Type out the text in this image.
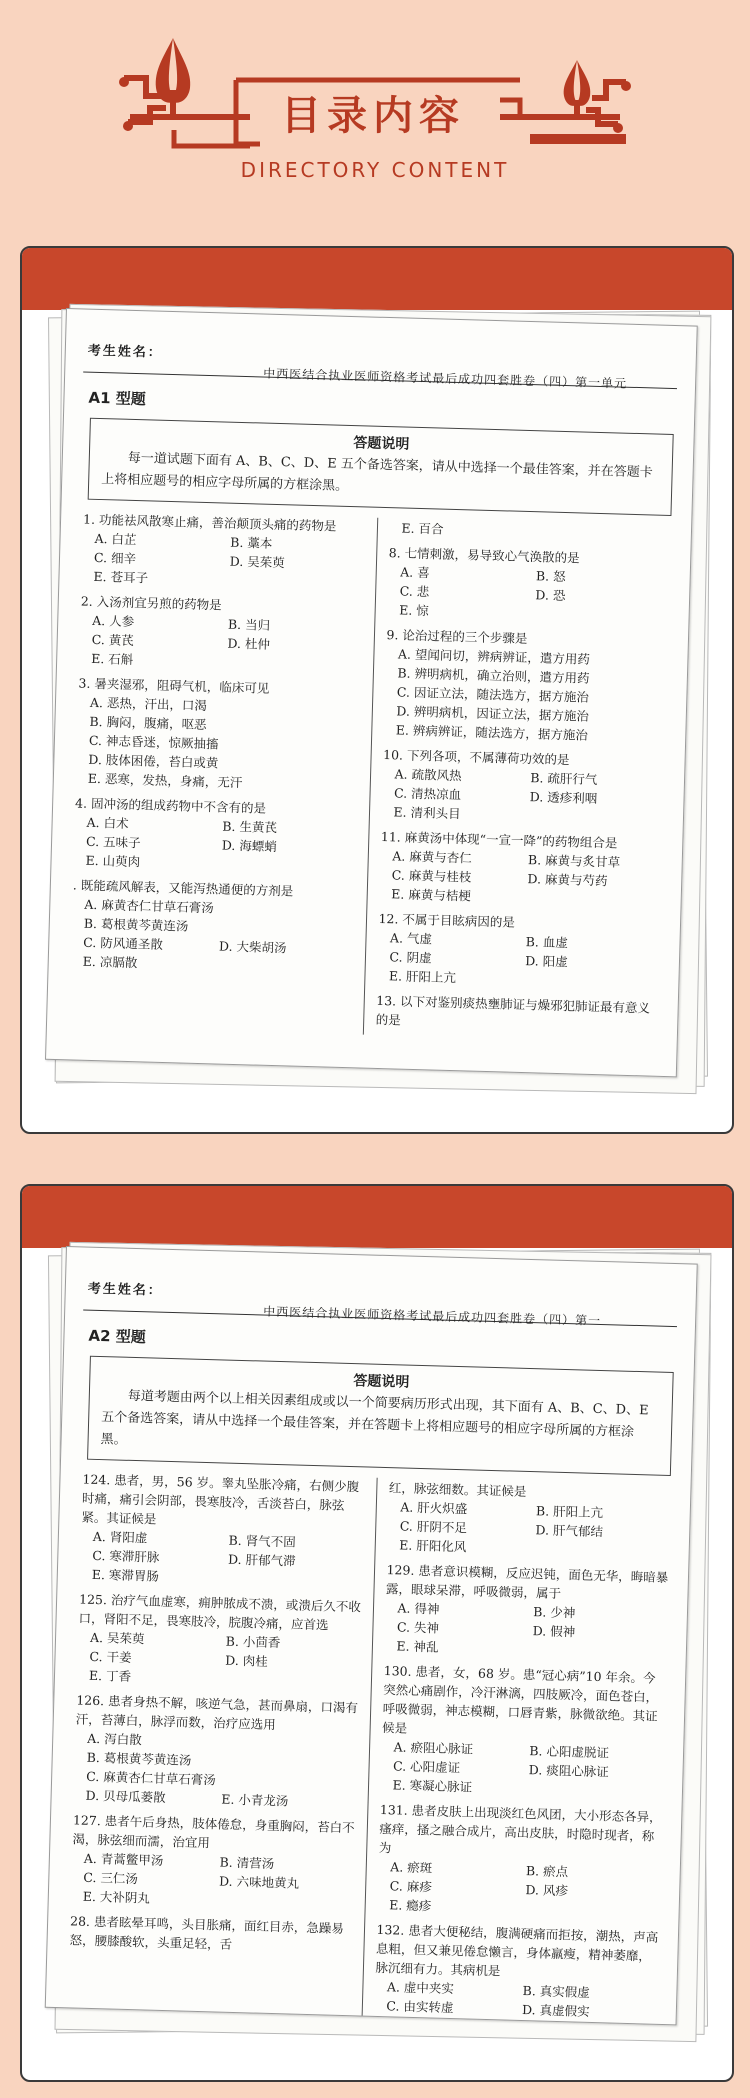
目录内容
DIRECTORY CONTENT
考生姓名：
中西医结合执业医师资格考试最后成功四套胜卷（四）第一单元
A1 型题
答题说明
每一道试题下面有 A、B、C、D、E 五个备选答案，请从中选择一个最佳答案，并在答题卡上将相应题号的相应字母所属的方框涂黑。
1. 功能祛风散寒止痛，善治颠顶头痛的药物是
A. 白芷	B. 藁本
C. 细辛	D. 吴茱萸
E. 苍耳子
2. 入汤剂宜另煎的药物是
A. 人参	B. 当归
C. 黄芪	D. 杜仲
E. 石斛
3. 暑夹湿邪，阻碍气机，临床可见
A. 恶热，汗出，口渴
B. 胸闷，腹痛，呕恶
C. 神志昏迷，惊厥抽搐
D. 肢体困倦，苔白或黄
E. 恶寒，发热，身痛，无汗
4. 固冲汤的组成药物中不含有的是
A. 白术	B. 生黄芪
C. 五味子	D. 海螵蛸
E. 山萸肉
. 既能疏风解表，又能泻热通便的方剂是
A. 麻黄杏仁甘草石膏汤
B. 葛根黄芩黄连汤
C. 防风通圣散	D. 大柴胡汤
E. 凉膈散
E. 百合
8. 七情刺激，易导致心气涣散的是
A. 喜	B. 怒
C. 悲	D. 恐
E. 惊
9. 论治过程的三个步骤是
A. 望闻问切，辨病辨证，遣方用药
B. 辨明病机，确立治则，遣方用药
C. 因证立法，随法选方，据方施治
D. 辨明病机，因证立法，据方施治
E. 辨病辨证，随法选方，据方施治
10. 下列各项，不属薄荷功效的是
A. 疏散风热	B. 疏肝行气
C. 清热凉血	D. 透疹利咽
E. 清利头目
11. 麻黄汤中体现“一宣一降”的药物组合是
A. 麻黄与杏仁	B. 麻黄与炙甘草
C. 麻黄与桂枝	D. 麻黄与芍药
E. 麻黄与桔梗
12. 不属于目眩病因的是
A. 气虚	B. 血虚
C. 阴虚	D. 阳虚
E. 肝阳上亢
13. 以下对鉴别痰热壅肺证与燥邪犯肺证最有意义的是
考生姓名：
中西医结合执业医师资格考试最后成功四套胜卷（四）第一
A2 型题
答题说明
每道考题由两个以上相关因素组成或以一个简要病历形式出现，其下面有 A、B、C、D、E 五个备选答案，请从中选择一个最佳答案，并在答题卡上将相应题号的相应字母所属的方框涂黑。
124. 患者，男，56 岁。睾丸坠胀冷痛，右侧少腹时痛，痛引会阴部，畏寒肢冷，舌淡苔白，脉弦紧。其证候是
A. 肾阳虚	B. 肾气不固
C. 寒滞肝脉	D. 肝郁气滞
E. 寒滞胃肠
125. 治疗气血虚寒，痈肿脓成不溃，或溃后久不收口，肾阳不足，畏寒肢冷，脘腹冷痛，应首选
A. 吴茱萸	B. 小茴香
C. 干姜	D. 肉桂
E. 丁香
126. 患者身热不解，咳逆气急，甚而鼻扇，口渴有汗，苔薄白，脉浮而数，治疗应选用
A. 泻白散
B. 葛根黄芩黄连汤
C. 麻黄杏仁甘草石膏汤
D. 贝母瓜蒌散	E. 小青龙汤
127. 患者午后身热，肢体倦怠，身重胸闷，苔白不渴，脉弦细而濡，治宜用
A. 青蒿鳖甲汤	B. 清营汤
C. 三仁汤	D. 六味地黄丸
E. 大补阴丸
28. 患者眩晕耳鸣，头目胀痛，面红目赤，急躁易怒，腰膝酸软，头重足轻，舌
红，脉弦细数。其证候是
A. 肝火炽盛	B. 肝阳上亢
C. 肝阴不足	D. 肝气郁结
E. 肝阳化风
129. 患者意识模糊，反应迟钝，面色无华，晦暗暴露，眼球呆滞，呼吸微弱，属于
A. 得神	B. 少神
C. 失神	D. 假神
E. 神乱
130. 患者，女，68 岁。患“冠心病”10 年余。今突然心痛剧作，冷汗淋漓，四肢厥冷，面色苍白，呼吸微弱，神志模糊，口唇青紫，脉微欲绝。其证候是
A. 瘀阻心脉证	B. 心阳虚脱证
C. 心阳虚证	D. 痰阻心脉证
E. 寒凝心脉证
131. 患者皮肤上出现淡红色风团，大小形态各异，瘙痒，搔之融合成片，高出皮肤，时隐时现者，称为
A. 瘀斑	B. 瘀点
C. 麻疹	D. 风疹
E. 瘾疹
132. 患者大便秘结，腹满硬痛而拒按，潮热，声高息粗，但又兼见倦怠懒言，身体羸瘦，精神萎靡，脉沉细有力。其病机是
A. 虚中夹实	B. 真实假虚
C. 由实转虚	D. 真虚假实
